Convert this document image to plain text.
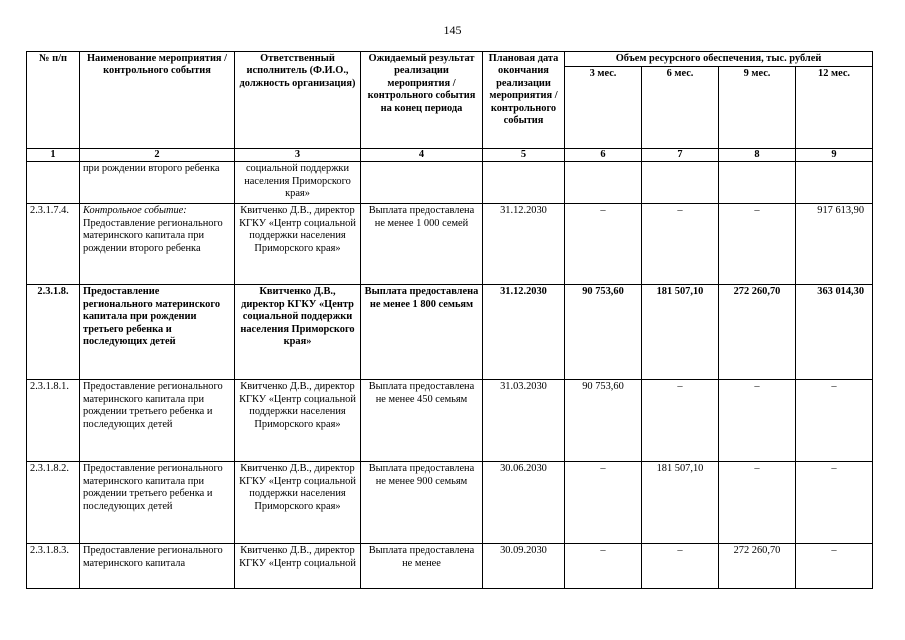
145
№ п/п	Наименование мероприятия / контрольного события	Ответственный исполнитель (Ф.И.О., должность организация)	Ожидаемый результат реализации мероприятия / контрольного события на конец периода	Плановая дата окончания реализации мероприятия / контрольного события	Объем ресурсного обеспечения, тыс. рублей			
					3 мес.	6 мес.	9 мес.	12 мес.
1	2	3	4	5	6	7	8	9
	при рождении второго ребенка	социальной поддержки населения Приморского края»						
2.3.1.7.4.	Контрольное событие: Предоставление регионального материнского капитала при рождении второго ребенка	Квитченко Д.В., директор КГКУ «Центр социальной поддержки населения Приморского края»	Выплата предоставлена не менее 1 000 семей	31.12.2030	–	–	–	917 613,90
2.3.1.8.	Предоставление регионального материнского капитала при рождении третьего ребенка и последующих детей	Квитченко Д.В., директор КГКУ «Центр социальной поддержки населения Приморского края»	Выплата предоставлена не менее 1 800 семьям	31.12.2030	90 753,60	181 507,10	272 260,70	363 014,30
2.3.1.8.1.	Предоставление регионального материнского капитала при рождении третьего ребенка и последующих детей	Квитченко Д.В., директор КГКУ «Центр социальной поддержки населения Приморского края»	Выплата предоставлена не менее 450 семьям	31.03.2030	90 753,60	–	–	–
2.3.1.8.2.	Предоставление регионального материнского капитала при рождении третьего ребенка и последующих детей	Квитченко Д.В., директор КГКУ «Центр социальной поддержки населения Приморского края»	Выплата предоставлена не менее 900 семьям	30.06.2030	–	181 507,10	–	–
2.3.1.8.3.	Предоставление регионального материнского капитала	Квитченко Д.В., директор КГКУ «Центр социальной	Выплата предоставлена не менее	30.09.2030	–	–	272 260,70	–
